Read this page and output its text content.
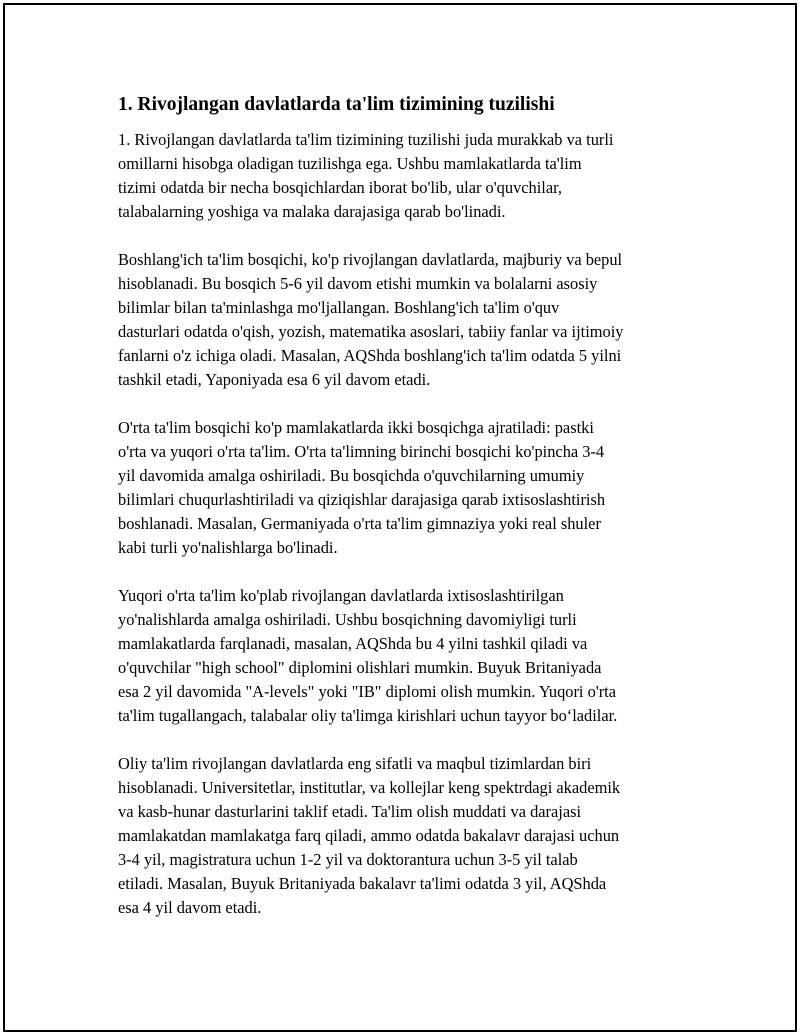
1. Rivojlangan davlatlarda ta'lim tizimining tuzilishi
1. Rivojlangan davlatlarda ta'lim tizimining tuzilishi juda murakkab va turli
omillarni hisobga oladigan tuzilishga ega. Ushbu mamlakatlarda ta'lim
tizimi odatda bir necha bosqichlardan iborat bo'lib, ular o'quvchilar,
talabalarning yoshiga va malaka darajasiga qarab bo'linadi.
Boshlang'ich ta'lim bosqichi, ko'p rivojlangan davlatlarda, majburiy va bepul
hisoblanadi. Bu bosqich 5-6 yil davom etishi mumkin va bolalarni asosiy
bilimlar bilan ta'minlashga mo'ljallangan. Boshlang'ich ta'lim o'quv
dasturlari odatda o'qish, yozish, matematika asoslari, tabiiy fanlar va ijtimoiy
fanlarni o'z ichiga oladi. Masalan, AQShda boshlang'ich ta'lim odatda 5 yilni
tashkil etadi, Yaponiyada esa 6 yil davom etadi.
O'rta ta'lim bosqichi ko'p mamlakatlarda ikki bosqichga ajratiladi: pastki
o'rta va yuqori o'rta ta'lim. O'rta ta'limning birinchi bosqichi ko'pincha 3-4
yil davomida amalga oshiriladi. Bu bosqichda o'quvchilarning umumiy
bilimlari chuqurlashtiriladi va qiziqishlar darajasiga qarab ixtisoslashtirish
boshlanadi. Masalan, Germaniyada o'rta ta'lim gimnaziya yoki real shuler
kabi turli yo'nalishlarga bo'linadi.
Yuqori o'rta ta'lim ko'plab rivojlangan davlatlarda ixtisoslashtirilgan
yo'nalishlarda amalga oshiriladi. Ushbu bosqichning davomiyligi turli
mamlakatlarda farqlanadi, masalan, AQShda bu 4 yilni tashkil qiladi va
o'quvchilar "high school" diplomini olishlari mumkin. Buyuk Britaniyada
esa 2 yil davomida "A-levels" yoki "IB" diplomi olish mumkin. Yuqori o'rta
ta'lim tugallangach, talabalar oliy ta'limga kirishlari uchun tayyor bo‘ladilar.
Oliy ta'lim rivojlangan davlatlarda eng sifatli va maqbul tizimlardan biri
hisoblanadi. Universitetlar, institutlar, va kollejlar keng spektrdagi akademik
va kasb-hunar dasturlarini taklif etadi. Ta'lim olish muddati va darajasi
mamlakatdan mamlakatga farq qiladi, ammo odatda bakalavr darajasi uchun
3-4 yil, magistratura uchun 1-2 yil va doktorantura uchun 3-5 yil talab
etiladi. Masalan, Buyuk Britaniyada bakalavr ta'limi odatda 3 yil, AQShda
esa 4 yil davom etadi.
